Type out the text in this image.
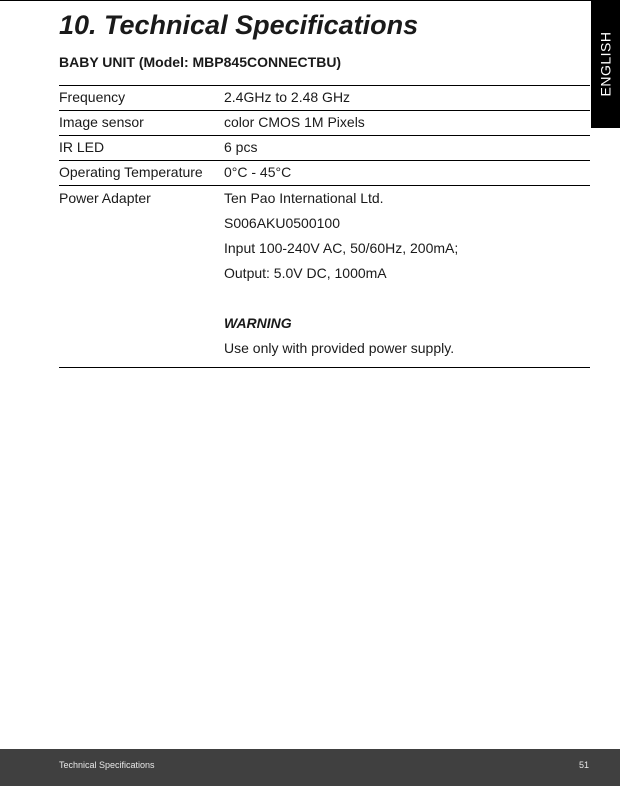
ENGLISH
10. Technical Specifications
BABY UNIT (Model: MBP845CONNECTBU)
Frequency	2.4GHz to 2.48 GHz
Image sensor	color CMOS 1M Pixels
IR LED	6 pcs
Operating Temperature	0°C - 45°C
Power Adapter	Ten Pao International Ltd.
S006AKU0500100
Input 100-240V AC, 50/60Hz, 200mA;
Output: 5.0V DC, 1000mA
WARNING
Use only with provided power supply.
Technical Specifications	51
